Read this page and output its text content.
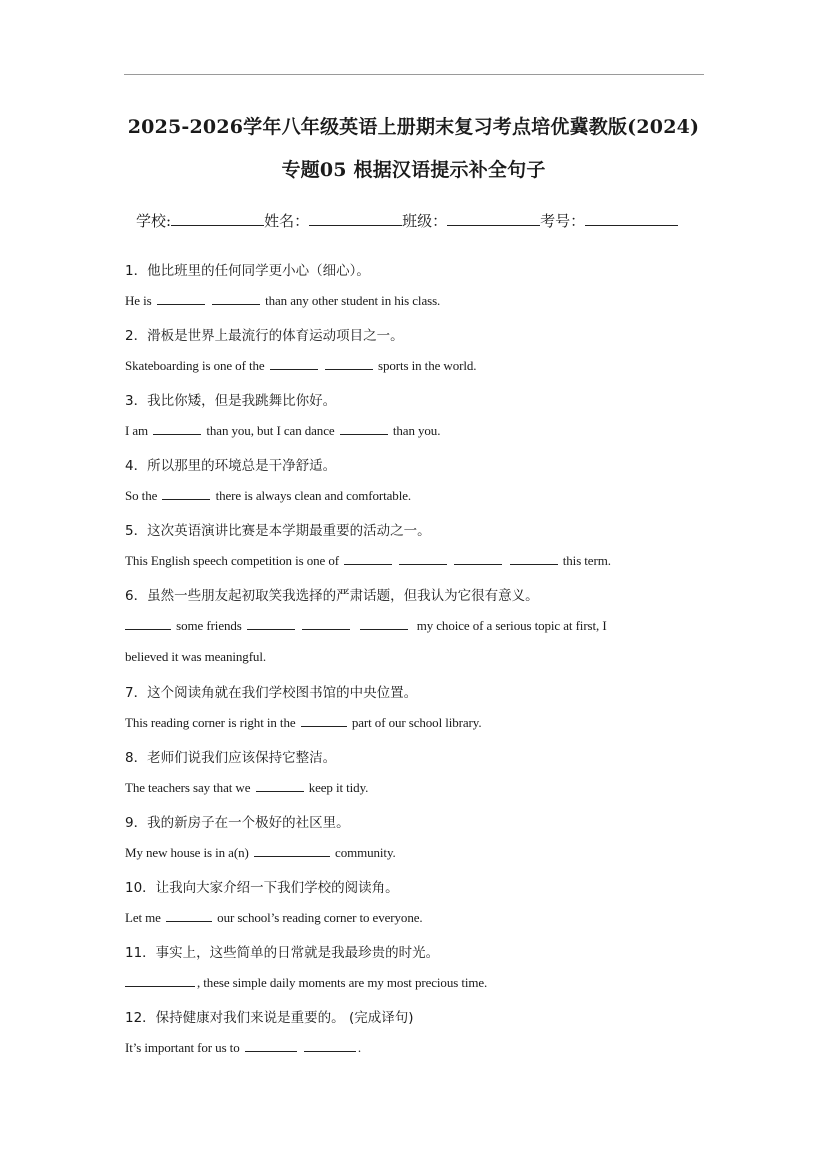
2025-2026学年八年级英语上册期末复习考点培优冀教版(2024)
专题05 根据汉语提示补全句子
学校:	姓名：	班级：	考号：
1．他比班里的任何同学更小心（细心）。
He is	than any other student in his class.
2．滑板是世界上最流行的体育运动项目之一。
Skateboarding is one of the	sports in the world.
3．我比你矮，但是我跳舞比你好。
I am	than you, but I can dance	than you.
4．所以那里的环境总是干净舒适。
So the	there is always clean and comfortable.
5．这次英语演讲比赛是本学期最重要的活动之一。
This English speech competition is one of	this term.
6．虽然一些朋友起初取笑我选择的严肃话题，但我认为它很有意义。
some friends	my choice of a serious topic at first, I
believed it was meaningful.
7．这个阅读角就在我们学校图书馆的中央位置。
This reading corner is right in the	part of our school library.
8．老师们说我们应该保持它整洁。
The teachers say that we	keep it tidy.
9．我的新房子在一个极好的社区里。
My new house is in a(n)	community.
10．让我向大家介绍一下我们学校的阅读角。
Let me	our school’s reading corner to everyone.
11．事实上，这些简单的日常就是我最珍贵的时光。
, these simple daily moments are my most precious time.
12．保持健康对我们来说是重要的。 (完成译句)
It’s important for us to	.
